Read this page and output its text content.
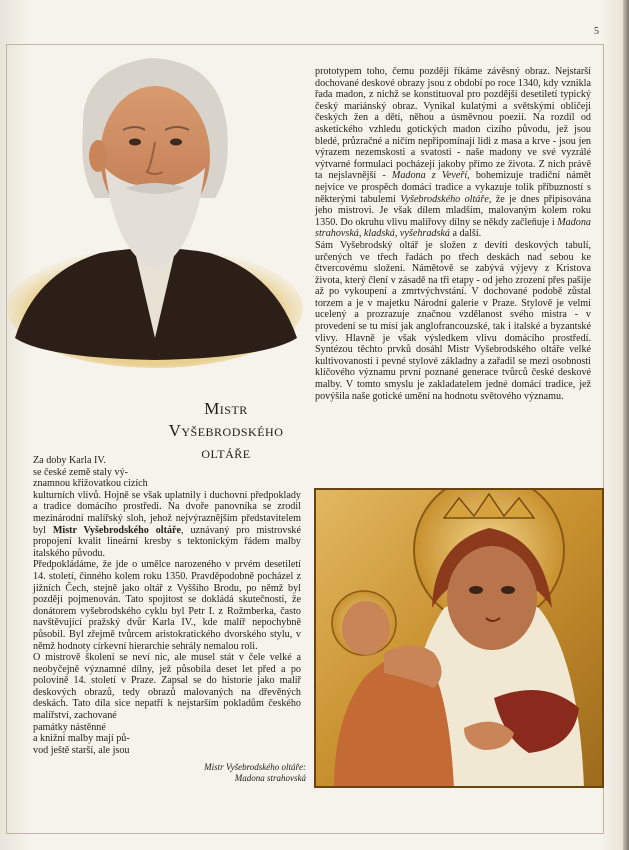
5
Mistr
Vyšebrodského
oltáře
Za doby Karla IV.
se české země staly vý-
znamnou křižovatkou cizích

kulturních vlivů. Hojně se však uplatnily i duchovní předpoklady a tradice domácího prostředí. Na dvoře panovníka se zrodil mezinárodní malířský sloh, jehož nejvýraznějším představitelem byl Mistr Vyšebrodského oltáře, uznávaný pro mistrovské propojení kvalit lineární kresby s tektonickým řádem malby italského původu.

Předpokládáme, že jde o umělce narozeného v prvém desetiletí 14. století, činného kolem roku 1350. Pravděpodobně pocházel z jižních Čech, stejně jako oltář z Vyššího Brodu, po němž byl později pojmenován. Tato spojitost se dokládá skutečností, že donátorem vyšebrodského cyklu byl Petr I. z Rožmberka, často navštěvující pražský dvůr Karla IV., kde malíř nepochybně působil. Byl zřejmě tvůrcem aristokratického dvorského stylu, v němž hodnoty církevní hierarchie sehrály nemalou roli.

O mistrově školení se neví nic, ale musel stát v čele velké a neobyčejně významné dílny, jež působila deset let před a po polovině 14. století v Praze. Zapsal se do historie jako malíř deskových obrazů, tedy obrazů malovaných na dřevěných deskách. Tato díla sice nepatří k nejstarším pokladům českého malířství, zachované

památky nástěnné
a knižní malby mají pů-
vod ještě starší, ale jsou
Mistr Vyšebrodského oltáře:
Madona strahovská

prototypem toho, čemu později říkáme závěsný obraz. Nejstarší dochované deskové obrazy jsou z období po roce 1340, kdy vznikla řada madon, z nichž se konstituoval pro pozdější desetiletí typický český mariánský obraz. Vynikal kulatými a světskými obličeji českých žen a dětí, něhou a úsměvnou poezií. Na rozdíl od asketického vzhledu gotických madon cizího původu, jež jsou bledé, průzračné a ničím nepřipomínají lidi z masa a krve - jsou jen výrazem nezemskosti a svatosti - naše madony ve své vyzrálé výtvarné formulaci pocházejí jakoby přímo ze života. Z nich právě ta nejslavnější - Madona z Veveří, bohemizuje tradiční námět nejvíce ve prospěch domácí tradice a vykazuje tolik příbuzností s některými tabulemi Vyšebrodského oltáře, že je dnes připisována jeho mistrovi. Je však dílem mladším, malovaným kolem roku 1350. Do okruhu vlivu malířovy dílny se někdy začleňuje i Madona strahovská, kladská, vyšehradská a další.

Sám Vyšebrodský oltář je složen z devíti deskových tabulí, určených ve třech řadách po třech deskách nad sebou ke čtvercovému složení. Námětově se zabývá výjevy z Kristova života, který člení v zásadě na tři etapy - od jeho zrození přes pašije až po vykoupení a zmrtvýchvstání. V dochované podobě zůstal torzem a je v majetku Národní galerie v Praze. Stylově je velmi ucelený a prozrazuje značnou vzdělanost svého mistra - v provedení se tu mísí jak anglofrancouzské, tak i italské a byzantské vlivy. Hlavně je však výsledkem vlivu domácího prostředí. Syntézou těchto prvků dosáhl Mistr Vyšebrodského oltáře velké kultivovanosti i pevné stylové základny a zařadil se mezi osobnosti klíčového významu první poznané generace tvůrců české deskové malby. V tomto smyslu je zakladatelem jedné domácí tradice, jež povýšila naše gotické umění na hodnotu světového významu.
